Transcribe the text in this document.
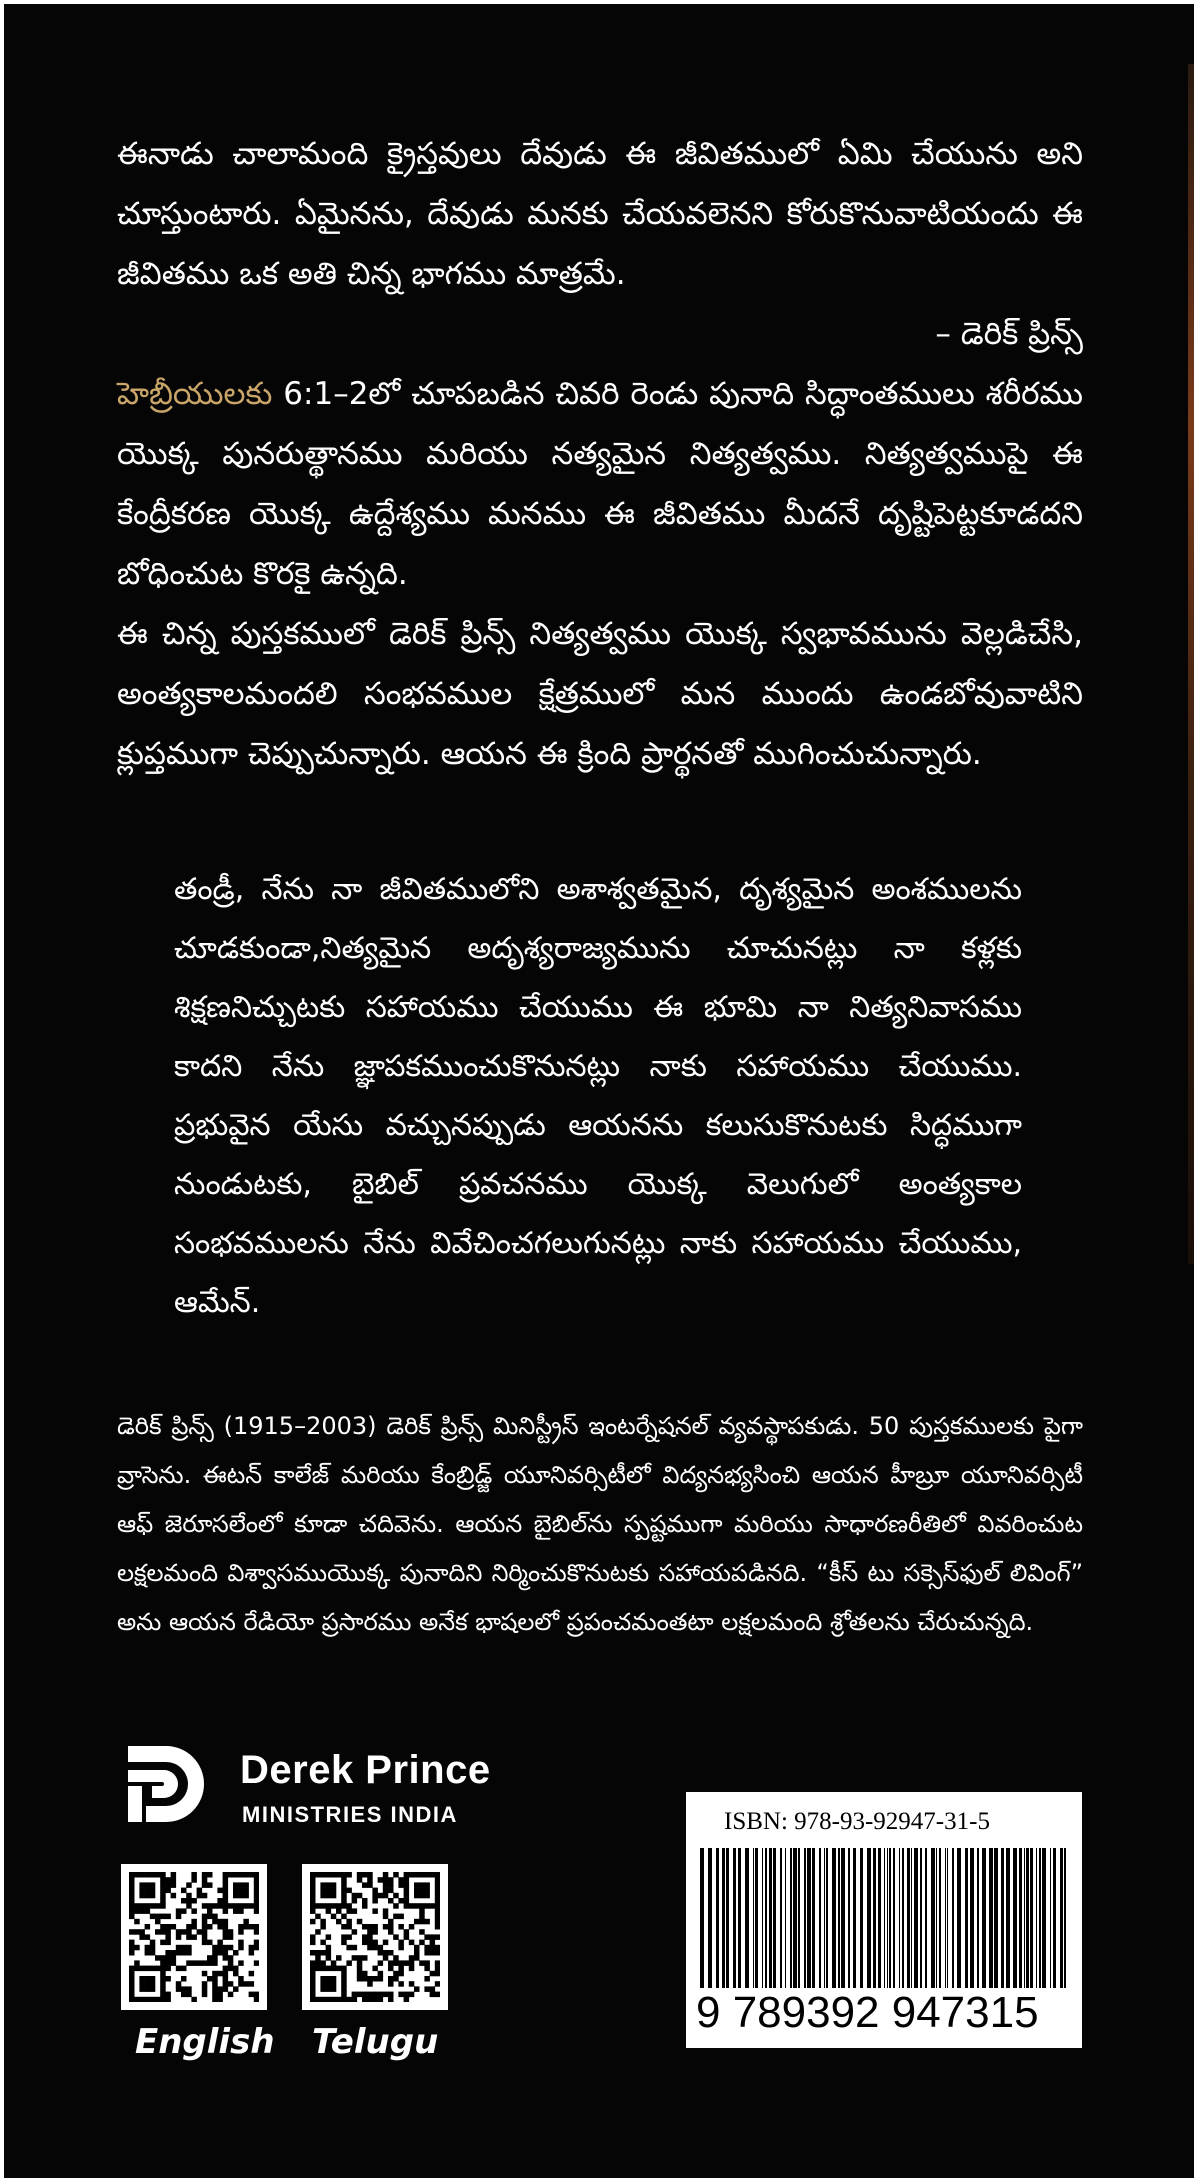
ఈనాడు చాలామంది క్రైస్తవులు దేవుడు ఈ జీవితములో ఏమి చేయును అని చూస్తుంటారు. ఏమైనను, దేవుడు మనకు చేయవలెనని కోరుకొనువాటియందు ఈ జీవితము ఒక అతి చిన్న భాగము మాత్రమే.
– డెరిక్ ప్రిన్స్
హెబ్రీయులకు 6:1–2లో చూపబడిన చివరి రెండు పునాది సిద్ధాంతములు శరీరము యొక్క పునరుత్థానము మరియు నత్యమైన నిత్యత్వము. నిత్యత్వముపై ఈ కేంద్రీకరణ యొక్క ఉద్దేశ్యము మనము ఈ జీవితము మీదనే దృష్టిపెట్టకూడదని బోధించుట కొరకై ఉన్నది.
ఈ చిన్న పుస్తకములో డెరిక్ ప్రిన్స్ నిత్యత్వము యొక్క స్వభావమును వెల్లడిచేసి, అంత్యకాలమందలి సంభవముల క్షేత్రములో మన ముందు ఉండబోవువాటిని క్లుప్తముగా చెప్పుచున్నారు. ఆయన ఈ క్రింది ప్రార్థనతో ముగించుచున్నారు.
తండ్రీ, నేను నా జీవితములోని అశాశ్వతమైన, దృశ్యమైన అంశములను చూడకుండా,నిత్యమైన అదృశ్యరాజ్యమును చూచునట్లు నా కళ్లకు శిక్షణనిచ్చుటకు సహాయము చేయుము ఈ భూమి నా నిత్యనివాసము కాదని నేను జ్ఞాపకముంచుకొనునట్లు నాకు సహాయము చేయుము. ప్రభువైన యేసు వచ్చునప్పుడు ఆయనను కలుసుకొనుటకు సిద్ధముగా నుండుటకు, బైబిల్ ప్రవచనము యొక్క వెలుగులో అంత్యకాల సంభవములను నేను వివేచించగలుగునట్లు నాకు సహాయము చేయుము, ఆమేన్.
డెరిక్ ప్రిన్స్ (1915–2003) డెరిక్ ప్రిన్స్ మినిస్ట్రీస్ ఇంటర్నేషనల్ వ్యవస్థాపకుడు. 50 పుస్తకములకు పైగా వ్రాసెను. ఈటన్ కాలేజ్ మరియు కేంబ్రిడ్జ్ యూనివర్సిటీలో విద్యనభ్యసించి ఆయన హీబ్రూ యూనివర్సిటీ ఆఫ్ జెరూసలేంలో కూడా చదివెను. ఆయన బైబిల్‌ను స్పష్టముగా మరియు సాధారణరీతిలో వివరించుట లక్షలమంది విశ్వాసముయొక్క పునాదిని నిర్మించుకొనుటకు సహాయపడినది. “కీస్ టు సక్సెస్‌ఫుల్ లివింగ్” అను ఆయన రేడియో ప్రసారము అనేక భాషలలో ప్రపంచమంతటా లక్షలమంది శ్రోతలను చేరుచున్నది.
Derek Prince
MINISTRIES INDIA
English Telugu
ISBN: 978-93-92947-31-5
9 789392 947315
